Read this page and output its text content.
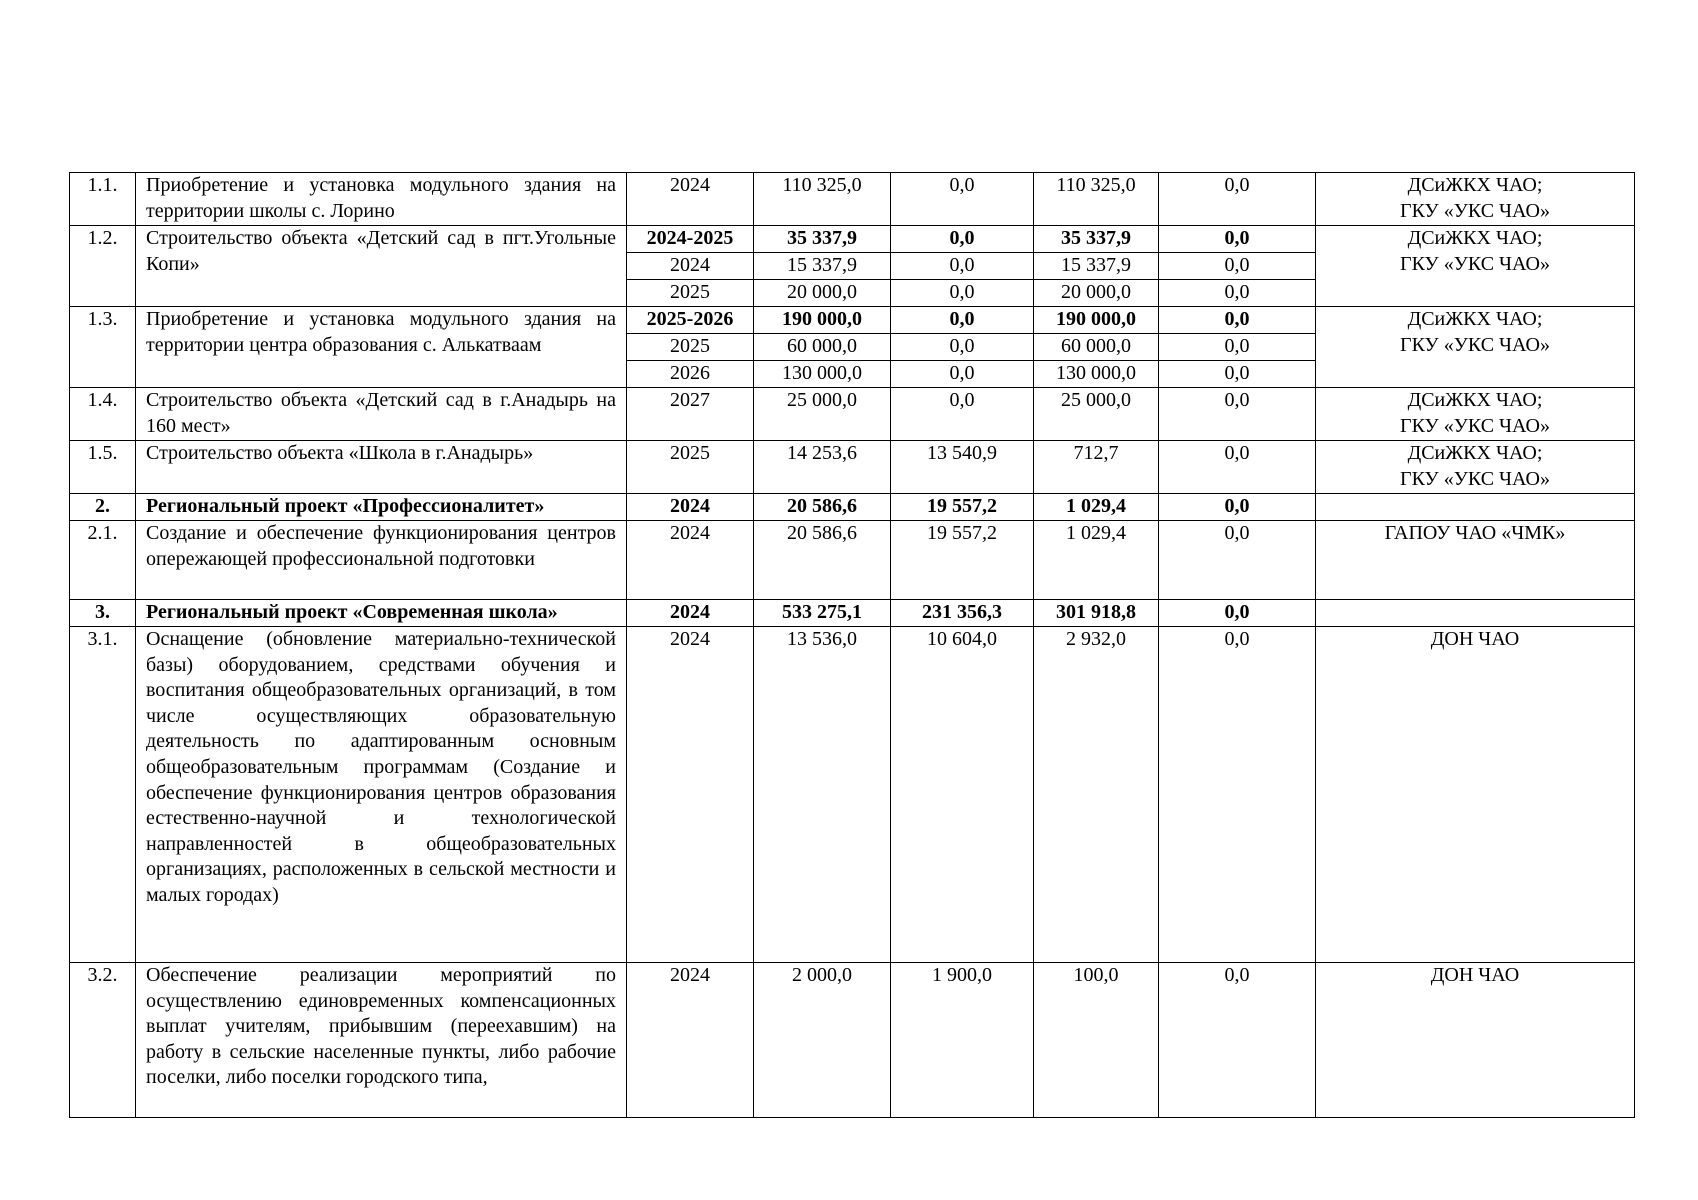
1.1.	Приобретение и установка модульного здания на территории школы с. Лорино	2024	110 325,0	0,0	110 325,0	0,0	ДСиЖКХ ЧАО;
ГКУ «УКС ЧАО»

1.2.	Строительство объекта «Детский сад в пгт.Угольные Копи»	2024-2025	35 337,9	0,0	35 337,9	0,0	ДСиЖКХ ЧАО;
ГКУ «УКС ЧАО»

		2024	15 337,9	0,0	15 337,9	0,0	
		2025	20 000,0	0,0	20 000,0	0,0	
1.3.	Приобретение и установка модульного здания на территории центра образования с. Алькатваам	2025-2026	190 000,0	0,0	190 000,0	0,0	ДСиЖКХ ЧАО;
ГКУ «УКС ЧАО»

		2025	60 000,0	0,0	60 000,0	0,0	
		2026	130 000,0	0,0	130 000,0	0,0	
1.4.	Строительство объекта «Детский сад в г.Анадырь на 160 мест»	2027	25 000,0	0,0	25 000,0	0,0	ДСиЖКХ ЧАО;
ГКУ «УКС ЧАО»

1.5.	Строительство объекта «Школа в г.Анадырь»	2025	14 253,6	13 540,9	712,7	0,0	ДСиЖКХ ЧАО;
ГКУ «УКС ЧАО»

2.	Региональный проект «Профессионалитет»	2024	20 586,6	19 557,2	1 029,4	0,0	
2.1.	Создание и обеспечение функционирования центров опережающей профессиональной подготовки	2024	20 586,6	19 557,2	1 029,4	0,0	ГАПОУ ЧАО «ЧМК»
3.	Региональный проект «Современная школа»	2024	533 275,1	231 356,3	301 918,8	0,0	
3.1.	Оснащение (обновление материально-технической базы) оборудованием, средствами обучения и воспитания общеобразовательных организаций, в том числе осуществляющих образовательную деятельность по адаптированным основным общеобразовательным программам (Создание и обеспечение функционирования центров образования естественно-научной и технологической направленностей в общеобразовательных организациях, расположенных в сельской местности и малых городах)	2024	13 536,0	10 604,0	2 932,0	0,0	ДОН ЧАО
3.2.	Обеспечение реализации мероприятий по осуществлению единовременных компенсационных выплат учителям, прибывшим (переехавшим) на работу в сельские населенные пункты, либо рабочие поселки, либо поселки городского типа,	2024	2 000,0	1 900,0	100,0	0,0	ДОН ЧАО
